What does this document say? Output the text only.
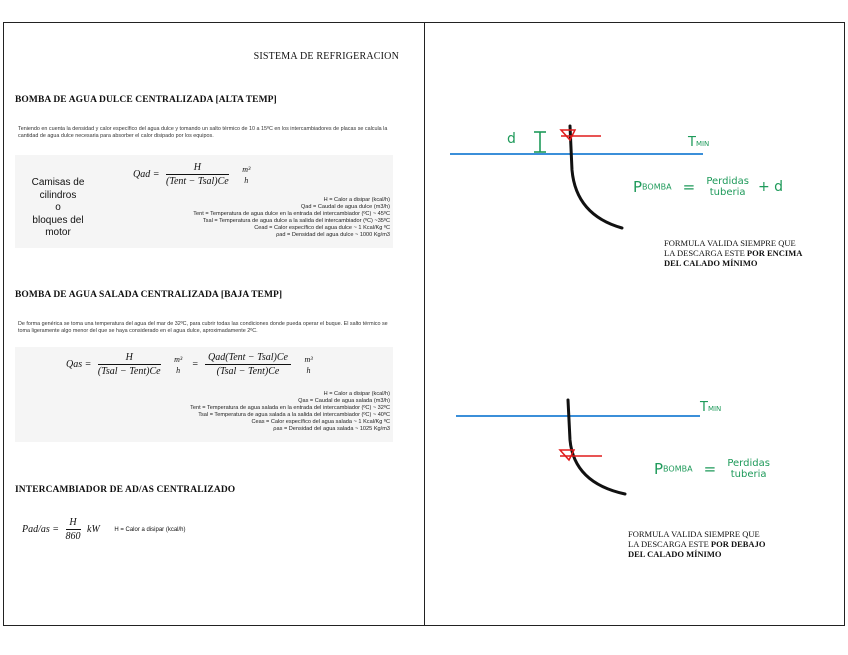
SISTEMA DE REFRIGERACION
BOMBA DE AGUA DULCE CENTRALIZADA [ALTA TEMP]
Teniendo en cuenta la densidad y calor específico del agua dulce y tomando un salto térmico de 10 a 15ºC en los intercambiadores de placas se calcula la cantidad de agua dulce necesaria para absorber el calor disipado por los equipos.
Camisas de
cilindros
o
bloques del
motor
Qad = $\frac{H}{\text{(Tent − Tsal)Ce}}$
	m³
h
H = Calor a disipar (kcal/h)
Qad = Caudal de agua dulce (m3/h)
Tent = Temperatura de agua dulce en la entrada del intercambiador (ºC) ~ 45ºC
Tsal = Temperatura de agua dulce a la salida del intercambiador (ºC) ~35ºC
Cead = Calor específico del agua dulce ~ 1 Kcal/Kg ºC
ρad = Densidad del agua dulce ~ 1000 Kg/m3
BOMBA DE AGUA SALADA CENTRALIZADA [BAJA TEMP]
De forma genérica se toma una temperatura del agua del mar de 32ºC, para cubrir todas las condiciones donde pueda operar el buque. El salto térmico se toma ligeramente algo menor del que se haya considerado en el agua dulce, aproximadamente 2ºC.
Qas = $\frac{H}{\text{(Tsal − Tent)Ce}}$
	m³
h
= $\frac{\text{Qad(Tent − Tsal)Ce}}{\text{(Tsal − Tent)Ce}}$
	m³
h
H = Calor a disipar (kcal/h)
Qas = Caudal de agua salada (m3/h)
Tent = Temperatura de agua salada en la entrada del intercambiador (ºC) ~ 32ºC
Tsal = Temperatura de agua salada a la salida del intercambiador (ºC) ~ 40ºC
Ceas = Calor específico del agua salada ~ 1 Kcal/Kg ºC
ρas = Densidad del agua salada ~ 1025 Kg/m3
INTERCAMBIADOR DE AD/AS CENTRALIZADO
$Pad/as = \frac{H}{860}$ kW H = Calor a disipar (kcal/h)
d	TMIN
PBOMBA = Perdidas
tuberia + d
FORMULA VALIDA SIEMPRE QUE
LA DESCARGA ESTE POR ENCIMA
DEL CALADO MÍNIMO
TMIN
PBOMBA = Perdidas
tuberia
FORMULA VALIDA SIEMPRE QUE
LA DESCARGA ESTE POR DEBAJO
DEL CALADO MÍNIMO
